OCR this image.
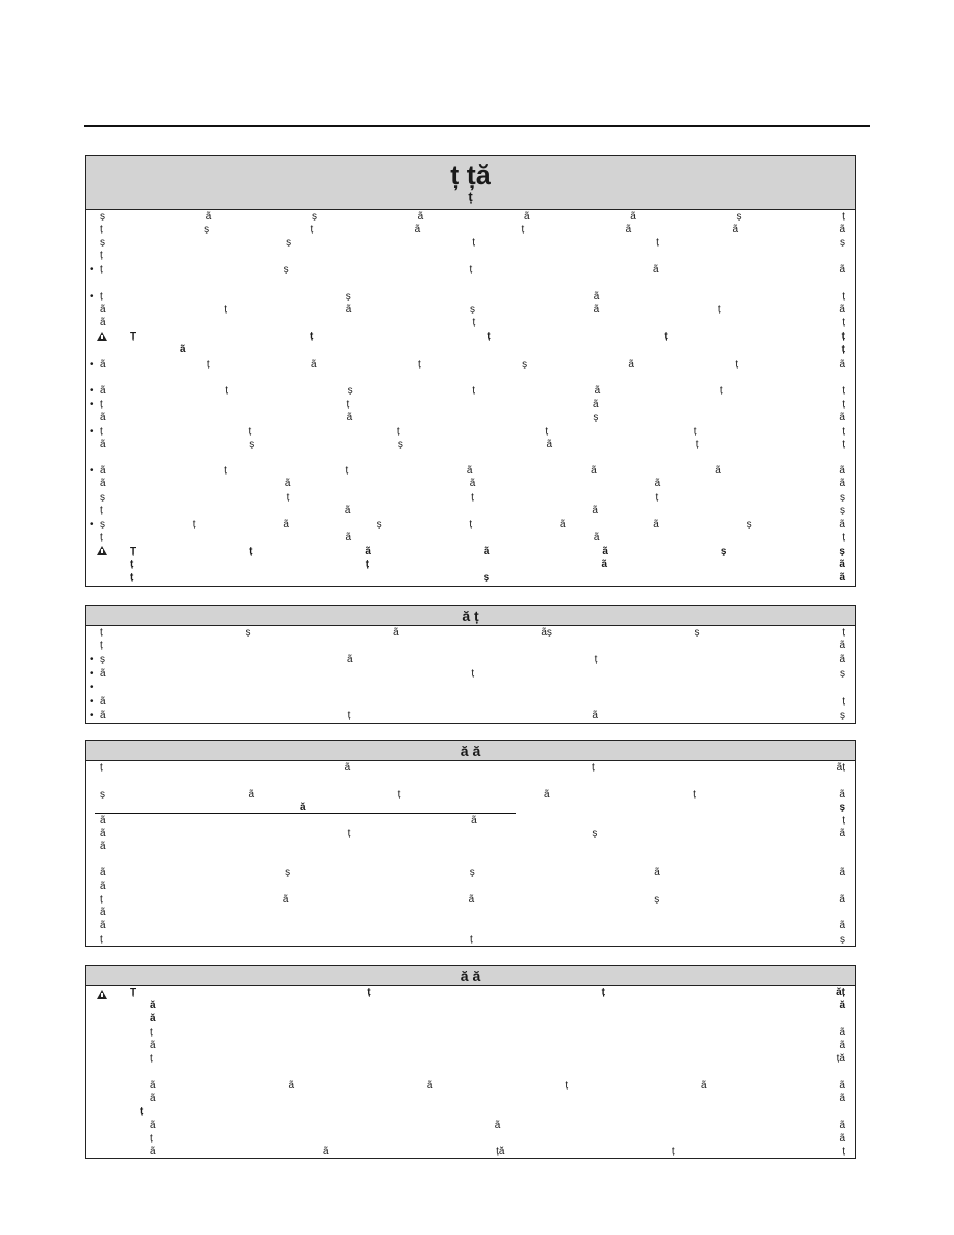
ț ță
ț
ă ț
ă ă
ă ă
ş	ã	ş	ã	ã	ã	ş	ț
ț	ş	ț	ã	ț	ã	ã	ã
ş	ş	ț	ț	ş
ț
• ț	ş	ț	ã	ã
• ț	ş	ã	ț
ã	ț	ã	ş	ã	ț	ã
ã	ț	ț
Ț	ț	ț	ț	ț
ã	ț
• ã	ț	ã	ț	ş	ã	ț	ã
• ã	ț	ş	ț	ã	ț	ț
• ț	ț	ã	ț
ã	ã	ş	ã
• ț	ț	ț	ț	ț	ț
ã	ş	ş	ã	ț	ț
• ã	ț	ț	ã	ã	ã	ã
ã	ã	ã	ã	ã
ş	ț	ț	ț	ş
ț	ã	ã	ş
• ş	ț	ã	ş	ț	ã	ã	ş	ã
ț	ã	ã	ț
Ț	ț	ã	ã	ã	ş	ş
ț	ț	ã	ã
ț	ş	ã
ț	ş	ã	ãş	ş	ț
ț	ã
• ş	ã	ț	ã
• ã	ț	ş
•
• ã	ț
• ã	ț	ã	ş
ț	ã	ț	ãț
ş	ã	ț	ã	ț	ã
ă	ş
ã	ã	ț
ã	ț	ş	ã
ã
ã	ş	ş	ã	ã
ã
ț	ã	ã	ş	ã
ã
ã	ã
ț	ț	ş
Ț	ț	ț	ăț
ă	ă
ă
ț	ã
ã	ã
ț	ță
ã	ã	ã	ț	ã	ã
ã	ã
ț
ã	ã	ã
ț	ã
ã	ã	ță	ț	ț
